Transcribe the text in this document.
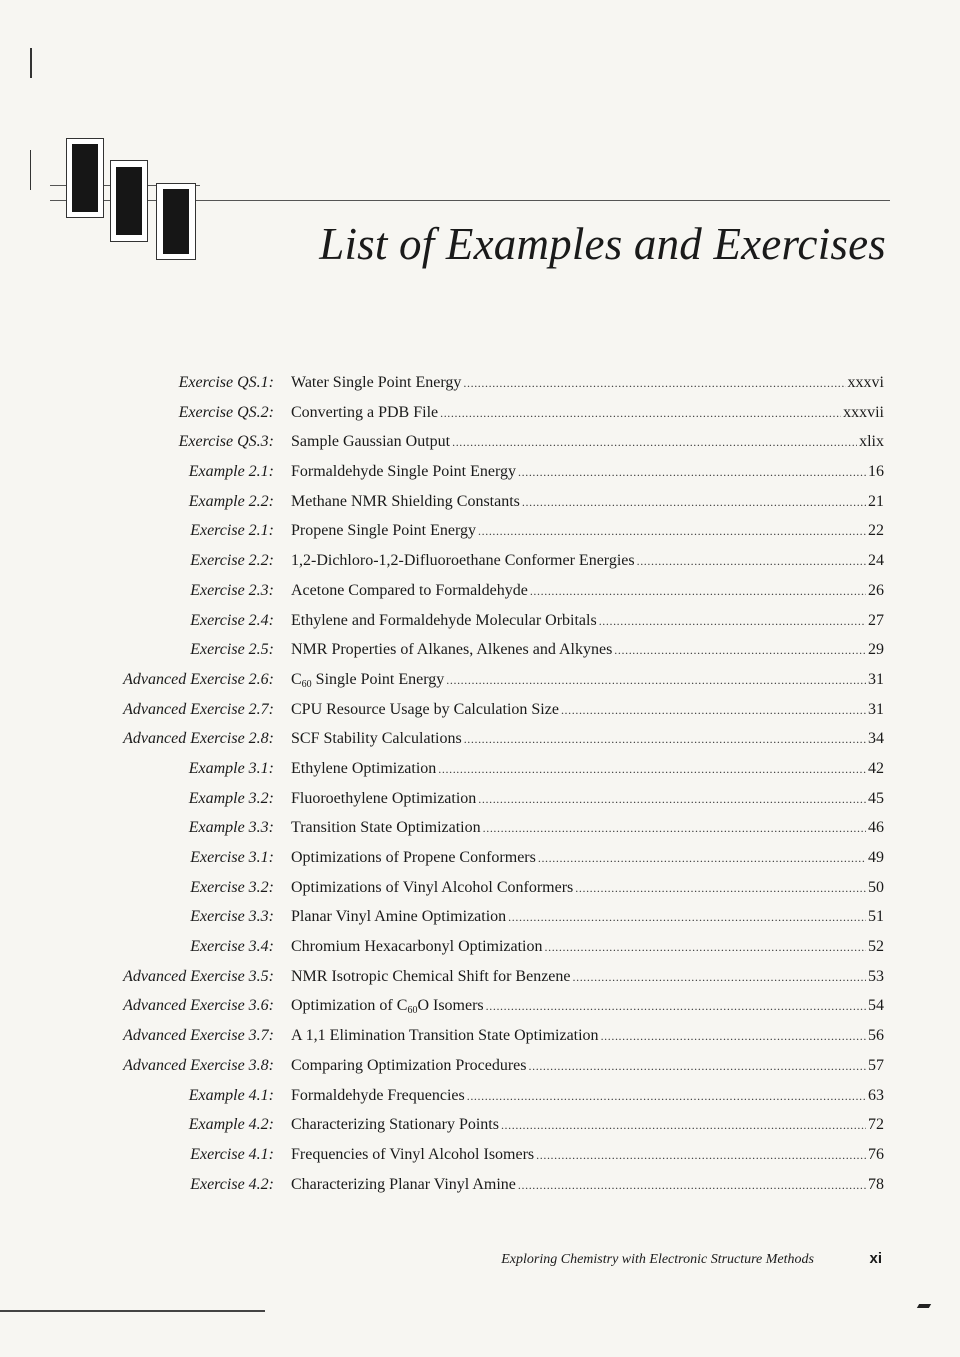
List of Examples and Exercises
Exercise QS.1: Water Single Point Energy .....	xxxvi
Exercise QS.2: Converting a PDB File .....	xxxvii
Exercise QS.3: Sample Gaussian Output .....	xlix
Example 2.1: Formaldehyde Single Point Energy .....	16
Example 2.2: Methane NMR Shielding Constants .....	21
Exercise 2.1: Propene Single Point Energy .....	22
Exercise 2.2: 1,2-Dichloro-1,2-Difluoroethane Conformer Energies .....	24
Exercise 2.3: Acetone Compared to Formaldehyde .....	26
Exercise 2.4: Ethylene and Formaldehyde Molecular Orbitals .....	27
Exercise 2.5: NMR Properties of Alkanes, Alkenes and Alkynes .....	29
Advanced Exercise 2.6: $C_{60}$ Single Point Energy .....	31
Advanced Exercise 2.7: CPU Resource Usage by Calculation Size .....	31
Advanced Exercise 2.8: SCF Stability Calculations .....	34
Example 3.1: Ethylene Optimization .....	42
Example 3.2: Fluoroethylene Optimization .....	45
Example 3.3: Transition State Optimization .....	46
Exercise 3.1: Optimizations of Propene Conformers .....	49
Exercise 3.2: Optimizations of Vinyl Alcohol Conformers .....	50
Exercise 3.3: Planar Vinyl Amine Optimization .....	51
Exercise 3.4: Chromium Hexacarbonyl Optimization .....	52
Advanced Exercise 3.5: NMR Isotropic Chemical Shift for Benzene .....	53
Advanced Exercise 3.6: Optimization of $C_{60}O$ Isomers .....	54
Advanced Exercise 3.7: A 1,1 Elimination Transition State Optimization .....	56
Advanced Exercise 3.8: Comparing Optimization Procedures .....	57
Example 4.1: Formaldehyde Frequencies .....	63
Example 4.2: Characterizing Stationary Points .....	72
Exercise 4.1: Frequencies of Vinyl Alcohol Isomers .....	76
Exercise 4.2: Characterizing Planar Vinyl Amine .....	78
Exploring Chemistry with Electronic Structure Methods	xi
